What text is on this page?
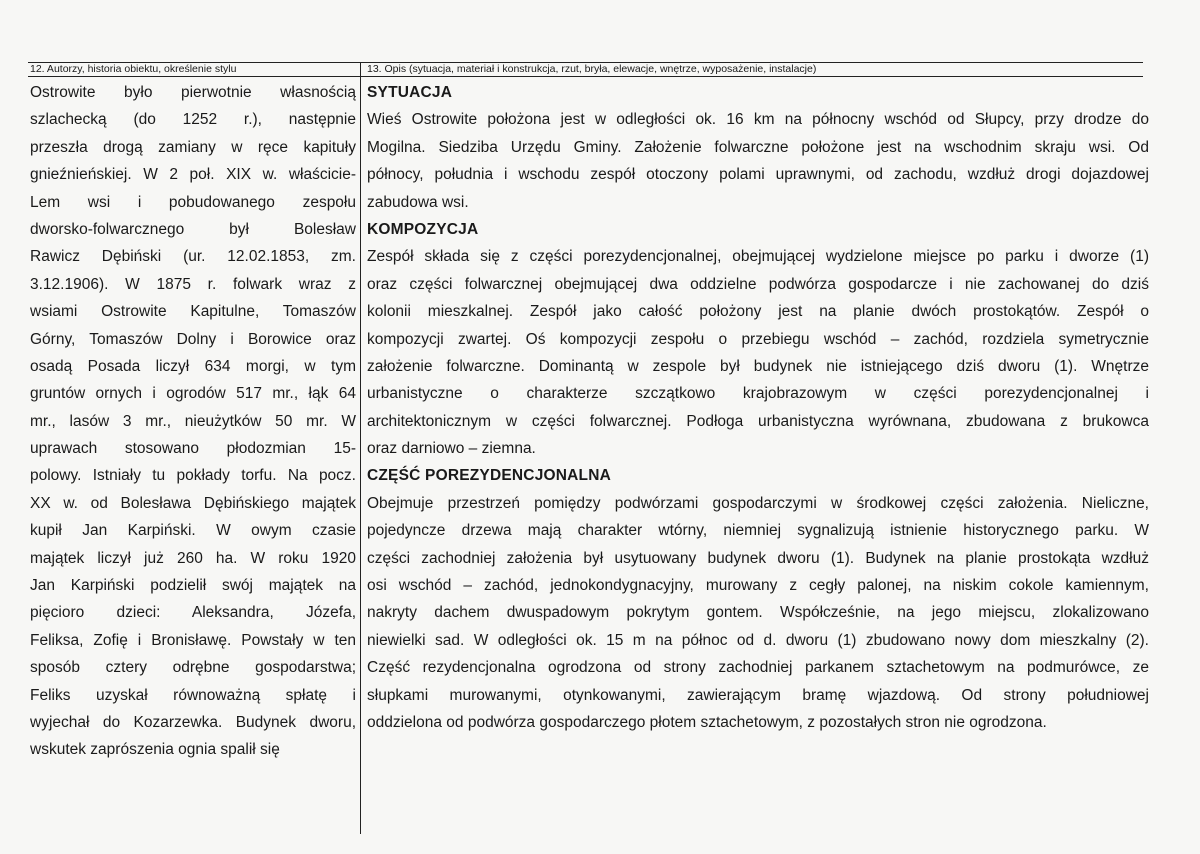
12. Autorzy, historia obiektu, określenie stylu	13. Opis (sytuacja, materiał i konstrukcja, rzut, bryła, elewacje, wnętrze, wyposażenie, instalacje)
Ostrowite było pierwotnie własnością
szlachecką (do 1252 r.), następnie
przeszła drogą zamiany w ręce kapituły
gnieźnieńskiej. W 2 poł. XIX w. właścicie-
Lem wsi i pobudowanego zespołu
dworsko-folwarcznego był Bolesław
Rawicz Dębiński (ur. 12.02.1853, zm.
3.12.1906). W 1875 r. folwark wraz z
wsiami Ostrowite Kapitulne, Tomaszów
Górny, Tomaszów Dolny i Borowice oraz
osadą Posada liczył 634 morgi, w tym
gruntów ornych i ogrodów 517 mr., łąk 64
mr., lasów 3 mr., nieużytków 50 mr. W
uprawach stosowano płodozmian 15-
polowy. Istniały tu pokłady torfu. Na pocz.
XX w. od Bolesława Dębińskiego majątek
kupił Jan Karpiński. W owym czasie
majątek liczył już 260 ha. W roku 1920
Jan Karpiński podzielił swój majątek na
pięcioro dzieci: Aleksandra, Józefa,
Feliksa, Zofię i Bronisławę. Powstały w ten
sposób cztery odrębne gospodarstwa;
Feliks uzyskał równoważną spłatę i
wyjechał do Kozarzewka. Budynek dworu,
wskutek zaprószenia ognia spalił się
SYTUACJA
Wieś Ostrowite położona jest w odległości ok. 16 km na północny wschód od Słupcy, przy drodze do
Mogilna. Siedziba Urzędu Gminy. Założenie folwarczne położone jest na wschodnim skraju wsi. Od
północy, południa i wschodu zespół otoczony polami uprawnymi, od zachodu, wzdłuż drogi dojazdowej
zabudowa wsi.
KOMPOZYCJA
Zespół składa się z części porezydencjonalnej, obejmującej wydzielone miejsce po parku i dworze (1)
oraz części folwarcznej obejmującej dwa oddzielne podwórza gospodarcze i nie zachowanej do dziś
kolonii mieszkalnej. Zespół jako całość położony jest na planie dwóch prostokątów. Zespół o
kompozycji zwartej. Oś kompozycji zespołu o przebiegu wschód – zachód, rozdziela symetrycznie
założenie folwarczne. Dominantą w zespole był budynek nie istniejącego dziś dworu (1). Wnętrze
urbanistyczne o charakterze szczątkowo krajobrazowym w części porezydencjonalnej i
architektonicznym w części folwarcznej. Podłoga urbanistyczna wyrównana, zbudowana z brukowca
oraz darniowo – ziemna.
CZĘŚĆ POREZYDENCJONALNA
Obejmuje przestrzeń pomiędzy podwórzami gospodarczymi w środkowej części założenia. Nieliczne,
pojedyncze drzewa mają charakter wtórny, niemniej sygnalizują istnienie historycznego parku. W
części zachodniej założenia był usytuowany budynek dworu (1). Budynek na planie prostokąta wzdłuż
osi wschód – zachód, jednokondygnacyjny, murowany z cegły palonej, na niskim cokole kamiennym,
nakryty dachem dwuspadowym pokrytym gontem. Współcześnie, na jego miejscu, zlokalizowano
niewielki sad. W odległości ok. 15 m na północ od d. dworu (1) zbudowano nowy dom mieszkalny (2).
Część rezydencjonalna ogrodzona od strony zachodniej parkanem sztachetowym na podmurówce, ze
słupkami murowanymi, otynkowanymi, zawierającym bramę wjazdową. Od strony południowej
oddzielona od podwórza gospodarczego płotem sztachetowym, z pozostałych stron nie ogrodzona.
